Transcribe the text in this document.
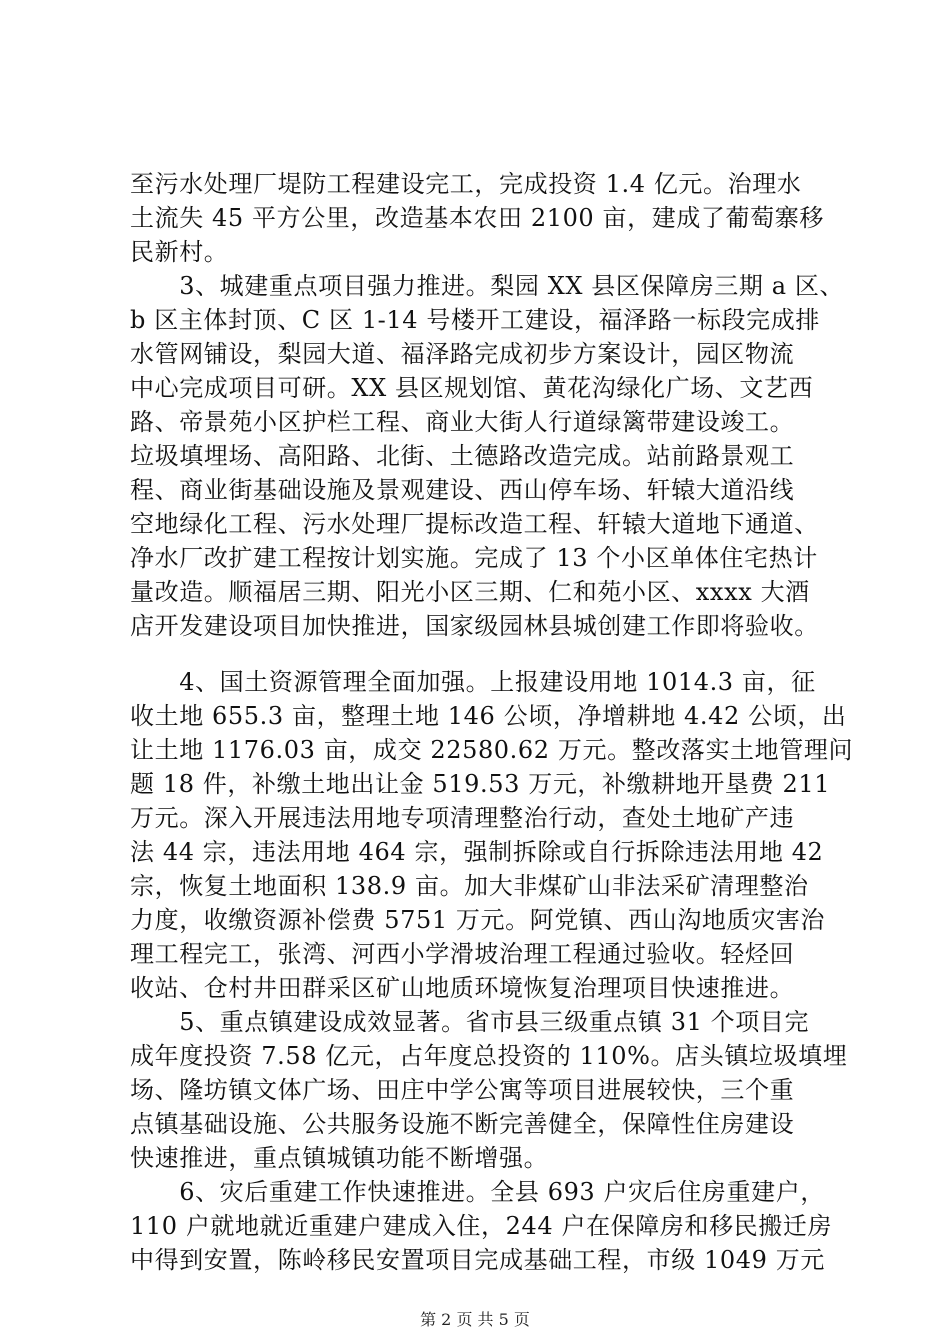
至污水处理厂堤防工程建设完工，完成投资 1.4 亿元。治理水
土流失 45 平方公里，改造基本农田 2100 亩，建成了葡萄寨移
民新村。
　　3、城建重点项目强力推进。梨园 XX 县区保障房三期 a 区、
b 区主体封顶、C 区 1-14 号楼开工建设，福泽路一标段完成排
水管网铺设，梨园大道、福泽路完成初步方案设计，园区物流
中心完成项目可研。XX 县区规划馆、黄花沟绿化广场、文艺西
路、帝景苑小区护栏工程、商业大街人行道绿篱带建设竣工。
垃圾填埋场、高阳路、北街、土德路改造完成。站前路景观工
程、商业街基础设施及景观建设、西山停车场、轩辕大道沿线
空地绿化工程、污水处理厂提标改造工程、轩辕大道地下通道、
净水厂改扩建工程按计划实施。完成了 13 个小区单体住宅热计
量改造。顺福居三期、阳光小区三期、仁和苑小区、xxxx 大酒
店开发建设项目加快推进，国家级园林县城创建工作即将验收。
　　4、国土资源管理全面加强。上报建设用地 1014.3 亩，征
收土地 655.3 亩，整理土地 146 公顷，净增耕地 4.42 公顷，出
让土地 1176.03 亩，成交 22580.62 万元。整改落实土地管理问
题 18 件，补缴土地出让金 519.53 万元，补缴耕地开垦费 211
万元。深入开展违法用地专项清理整治行动，查处土地矿产违
法 44 宗，违法用地 464 宗，强制拆除或自行拆除违法用地 42
宗，恢复土地面积 138.9 亩。加大非煤矿山非法采矿清理整治
力度，收缴资源补偿费 5751 万元。阿党镇、西山沟地质灾害治
理工程完工，张湾、河西小学滑坡治理工程通过验收。轻烃回
收站、仓村井田群采区矿山地质环境恢复治理项目快速推进。
　　5、重点镇建设成效显著。省市县三级重点镇 31 个项目完
成年度投资 7.58 亿元，占年度总投资的 110%。店头镇垃圾填埋
场、隆坊镇文体广场、田庄中学公寓等项目进展较快，三个重
点镇基础设施、公共服务设施不断完善健全，保障性住房建设
快速推进，重点镇城镇功能不断增强。
　　6、灾后重建工作快速推进。全县 693 户灾后住房重建户，
110 户就地就近重建户建成入住，244 户在保障房和移民搬迁房
中得到安置，陈岭移民安置项目完成基础工程，市级 1049 万元
第 2 页 共 5 页
